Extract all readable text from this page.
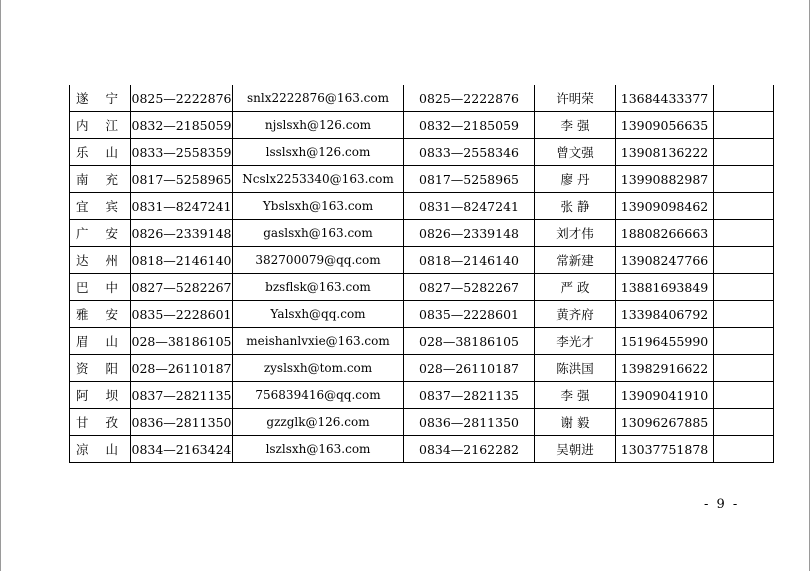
遂 宁	0825—2222876	snlx2222876@163.com	0825—2222876	许明荣	13684433377	
内 江	0832—2185059	njslsxh@126.com	0832—2185059	李 强	13909056635	
乐 山	0833—2558359	lsslsxh@126.com	0833—2558346	曾文强	13908136222	
南 充	0817—5258965	Ncslx2253340@163.com	0817—5258965	廖 丹	13990882987	
宜 宾	0831—8247241	Ybslsxh@163.com	0831—8247241	张 静	13909098462	
广 安	0826—2339148	gaslsxh@163.com	0826—2339148	刘才伟	18808266663	
达 州	0818—2146140	382700079@qq.com	0818—2146140	常新建	13908247766	
巴 中	0827—5282267	bzsflsk@163.com	0827—5282267	严 政	13881693849	
雅 安	0835—2228601	Yalsxh@qq.com	0835—2228601	黄齐府	13398406792	
眉 山	028—38186105	meishanlvxie@163.com	028—38186105	李光才	15196455990	
资 阳	028—26110187	zyslsxh@tom.com	028—26110187	陈洪国	13982916622	
阿 坝	0837—2821135	756839416@qq.com	0837—2821135	李 强	13909041910	
甘 孜	0836—2811350	gzzglk@126.com	0836—2811350	谢 毅	13096267885	
凉 山	0834—2163424	lszlsxh@163.com	0834—2162282	吴朝进	13037751878	
- 9 -
